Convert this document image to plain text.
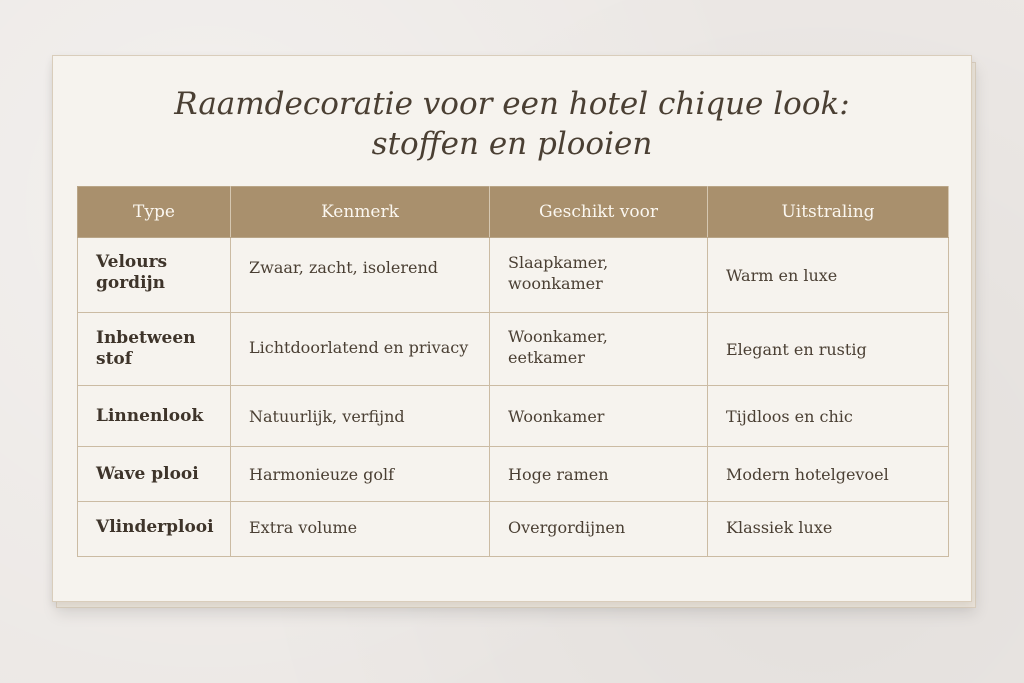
Raamdecoratie voor een hotel chique look:
stoffen en plooien
Type	Kenmerk	Geschikt voor	Uitstraling

Velours gordijn	Zwaar, zacht, isolerend	Slaapkamer, woonkamer	Warm en luxe
Inbetween stof	Lichtdoorlatend en privacy	Woonkamer, eetkamer	Elegant en rustig
Linnenlook	Natuurlijk, verfijnd	Woonkamer	Tijdloos en chic
Wave plooi	Harmonieuze golf	Hoge ramen	Modern hotelgevoel

Vlinderplooi	Extra volume	Overgordijnen	Klassiek luxe
